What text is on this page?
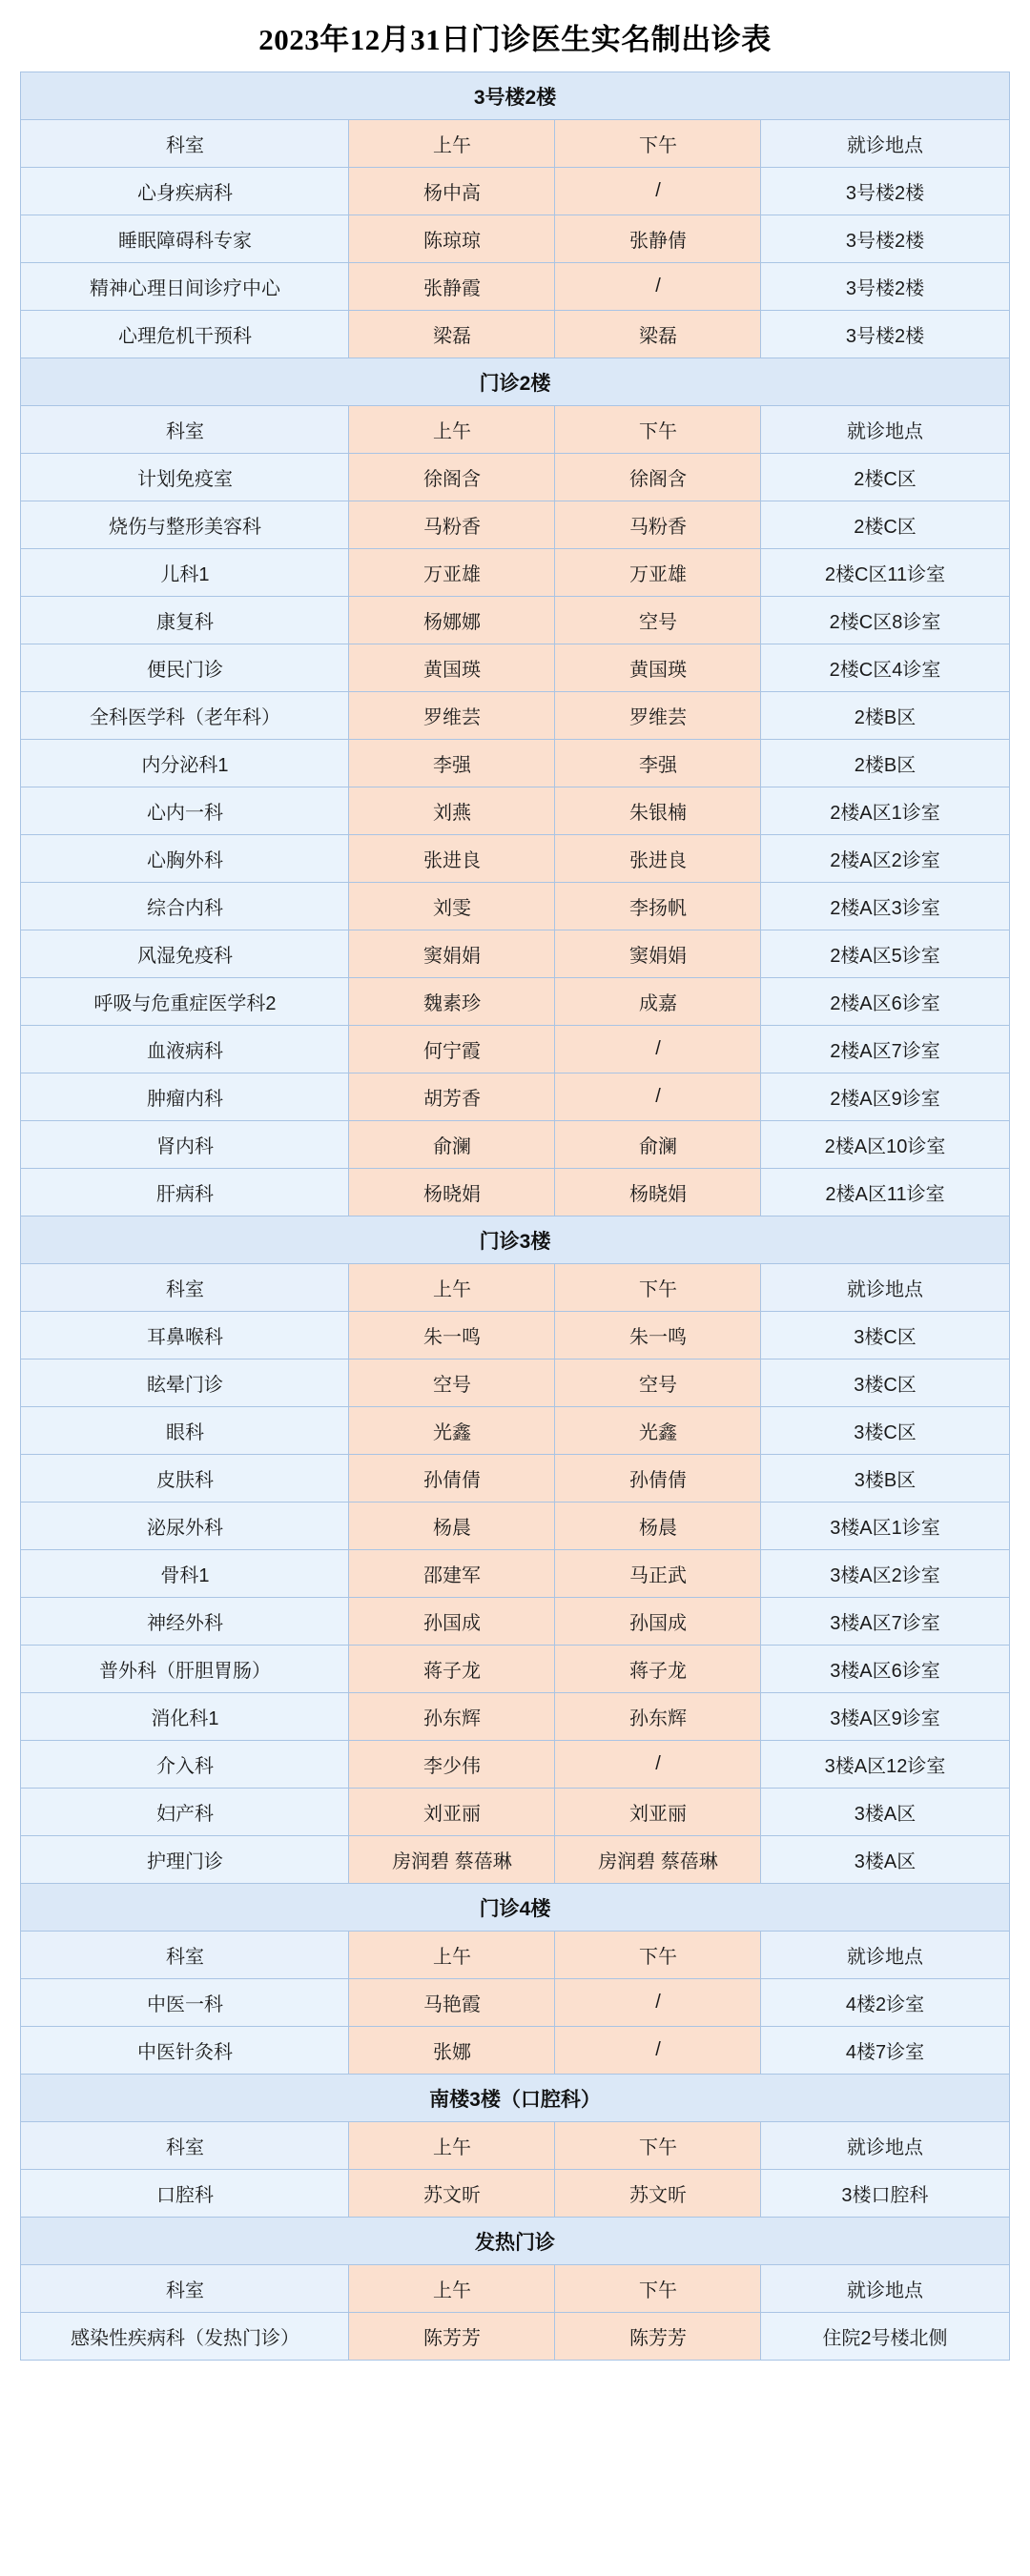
2023年12月31日门诊医生实名制出诊表
3号楼2楼			
科室	上午	下午	就诊地点
心身疾病科	杨中高	/	3号楼2楼
睡眠障碍科专家	陈琼琼	张静倩	3号楼2楼
精神心理日间诊疗中心	张静霞	/	3号楼2楼
心理危机干预科	梁磊	梁磊	3号楼2楼
门诊2楼			
科室	上午	下午	就诊地点
计划免疫室	徐阁含	徐阁含	2楼C区
烧伤与整形美容科	马粉香	马粉香	2楼C区
儿科1	万亚雄	万亚雄	2楼C区11诊室
康复科	杨娜娜	空号	2楼C区8诊室
便民门诊	黄国瑛	黄国瑛	2楼C区4诊室
全科医学科（老年科）	罗维芸	罗维芸	2楼B区
内分泌科1	李强	李强	2楼B区
心内一科	刘燕	朱银楠	2楼A区1诊室
心胸外科	张进良	张进良	2楼A区2诊室
综合内科	刘雯	李扬帆	2楼A区3诊室
风湿免疫科	窦娟娟	窦娟娟	2楼A区5诊室
呼吸与危重症医学科2	魏素珍	成嘉	2楼A区6诊室
血液病科	何宁霞	/	2楼A区7诊室
肿瘤内科	胡芳香	/	2楼A区9诊室
肾内科	俞澜	俞澜	2楼A区10诊室
肝病科	杨晓娟	杨晓娟	2楼A区11诊室
门诊3楼			
科室	上午	下午	就诊地点
耳鼻喉科	朱一鸣	朱一鸣	3楼C区
眩晕门诊	空号	空号	3楼C区
眼科	光鑫	光鑫	3楼C区
皮肤科	孙倩倩	孙倩倩	3楼B区
泌尿外科	杨晨	杨晨	3楼A区1诊室
骨科1	邵建军	马正武	3楼A区2诊室
神经外科	孙国成	孙国成	3楼A区7诊室
普外科（肝胆胃肠）	蒋子龙	蒋子龙	3楼A区6诊室
消化科1	孙东辉	孙东辉	3楼A区9诊室
介入科	李少伟	/	3楼A区12诊室
妇产科	刘亚丽	刘亚丽	3楼A区
护理门诊	房润碧 蔡蓓琳	房润碧 蔡蓓琳	3楼A区
门诊4楼			
科室	上午	下午	就诊地点
中医一科	马艳霞	/	4楼2诊室
中医针灸科	张娜	/	4楼7诊室
南楼3楼（口腔科）			
科室	上午	下午	就诊地点
口腔科	苏文昕	苏文昕	3楼口腔科
发热门诊			
科室	上午	下午	就诊地点
感染性疾病科（发热门诊）	陈芳芳	陈芳芳	住院2号楼北侧
